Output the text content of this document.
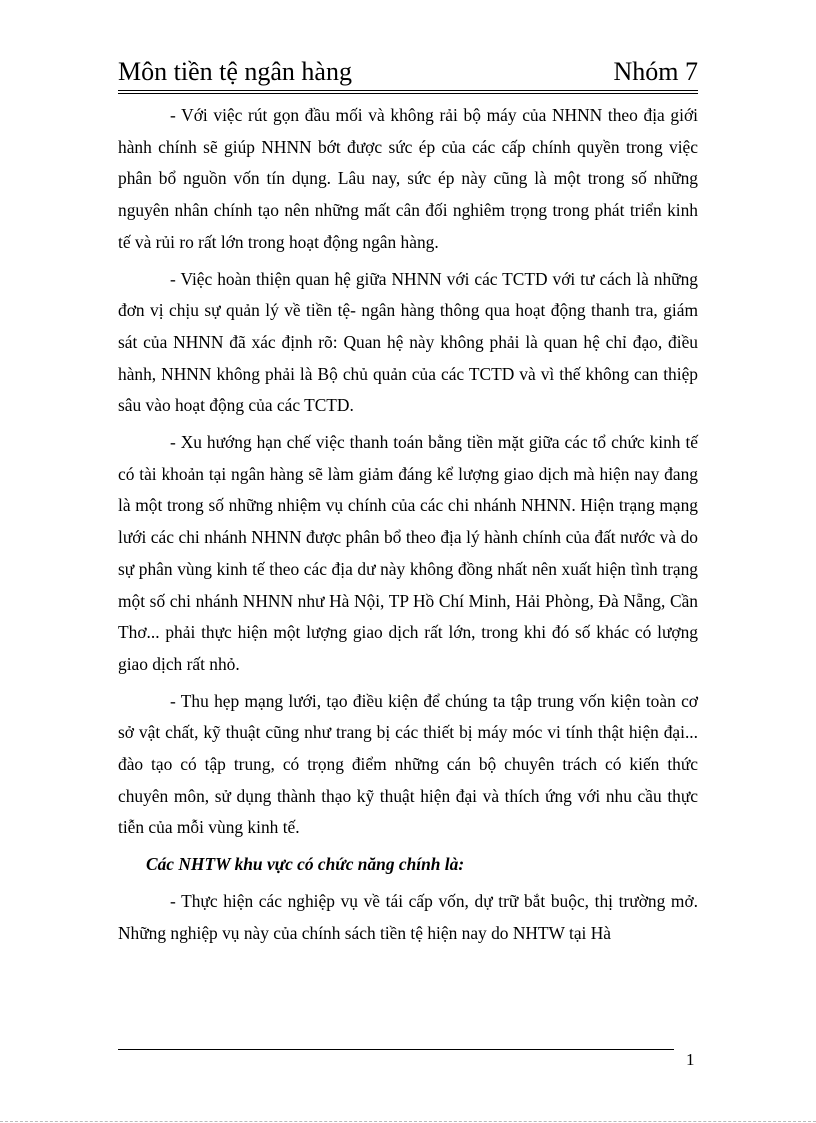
Môn tiền tệ ngân hàng	Nhóm 7

- Với việc rút gọn đầu mối và không rải bộ máy của NHNN theo địa giới hành chính sẽ giúp NHNN bớt được sức ép của các cấp chính quyền trong việc phân bổ nguồn vốn tín dụng. Lâu nay, sức ép này cũng là một trong số những nguyên nhân chính tạo nên những mất cân đối nghiêm trọng trong phát triển kinh tế và rủi ro rất lớn trong hoạt động ngân hàng.

- Việc hoàn thiện quan hệ giữa NHNN với các TCTD với tư cách là những đơn vị chịu sự quản lý về tiền tệ- ngân hàng thông qua hoạt động thanh tra, giám sát của NHNN đã xác định rõ: Quan hệ này không phải là quan hệ chỉ đạo, điều hành, NHNN không phải là Bộ chủ quản của các TCTD và vì thế không can thiệp sâu vào hoạt động của các TCTD.

- Xu hướng hạn chế việc thanh toán bằng tiền mặt giữa các tổ chức kinh tế có tài khoản tại ngân hàng sẽ làm giảm đáng kể lượng giao dịch mà hiện nay đang là một trong số những nhiệm vụ chính của các chi nhánh NHNN. Hiện trạng mạng lưới các chi nhánh NHNN được phân bổ theo địa lý hành chính của đất nước và do sự phân vùng kinh tế theo các địa dư này không đồng nhất nên xuất hiện tình trạng một số chi nhánh NHNN như Hà Nội, TP Hồ Chí Minh, Hải Phòng, Đà Nẵng, Cần Thơ... phải thực hiện một lượng giao dịch rất lớn, trong khi đó số khác có lượng giao dịch rất nhỏ.

- Thu hẹp mạng lưới, tạo điều kiện để chúng ta tập trung vốn kiện toàn cơ sở vật chất, kỹ thuật cũng như trang bị các thiết bị máy móc vi tính thật hiện đại... đào tạo có tập trung, có trọng điểm những cán bộ chuyên trách có kiến thức chuyên môn, sử dụng thành thạo kỹ thuật hiện đại và thích ứng với nhu cầu thực tiễn của mỗi vùng kinh tế.

Các NHTW khu vực có chức năng chính là:

- Thực hiện các nghiệp vụ về tái cấp vốn, dự trữ bắt buộc, thị trường mở. Những nghiệp vụ này của chính sách tiền tệ hiện nay do NHTW tại Hà

1
